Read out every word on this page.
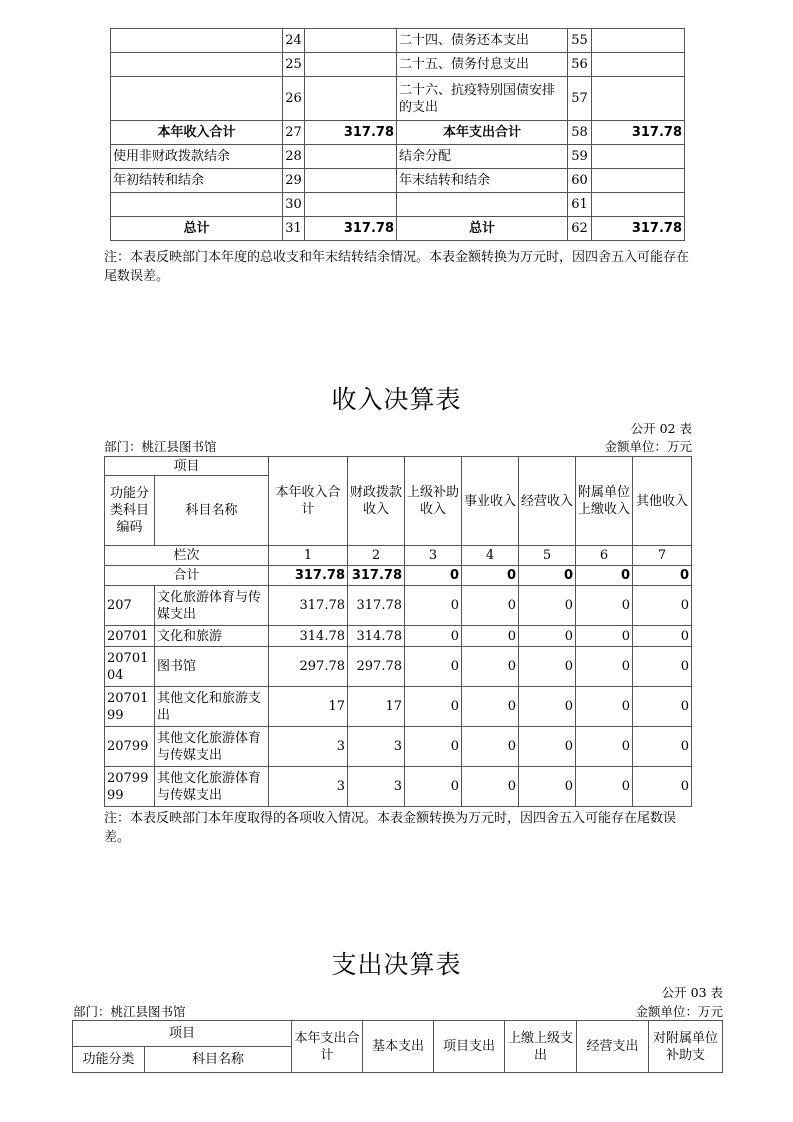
	24		二十四、债务还本支出	55	
	25		二十五、债务付息支出	56	
	26		二十六、抗疫特别国债安排的支出	57	
本年收入合计	27	317.78	本年支出合计	58	317.78
使用非财政拨款结余	28		结余分配	59	
年初结转和结余	29		年末结转和结余	60	
	30			61	
总计	31	317.78	总计	62	317.78
注：本表反映部门本年度的总收支和年末结转结余情况。本表金额转换为万元时，因四舍五入可能存在尾数误差。
收入决算表
公开 02 表
部门：桃江县图书馆	金额单位：万元
项目		本年收入合计	财政拨款收入	上级补助收入	事业收入	经营收入	附属单位上缴收入	其他收入
功能分类科目编码	科目名称							
栏次		1	2	3	4	5	6	7
合计		317.78	317.78	0	0	0	0	0
207	文化旅游体育与传媒支出	317.78	317.78	0	0	0	0	0
20701	文化和旅游	314.78	314.78	0	0	0	0	0
2070104	图书馆	297.78	297.78	0	0	0	0	0
2070199	其他文化和旅游支出	17	17	0	0	0	0	0
20799	其他文化旅游体育与传媒支出	3	3	0	0	0	0	0
2079999	其他文化旅游体育与传媒支出	3	3	0	0	0	0	0
注：本表反映部门本年度取得的各项收入情况。本表金额转换为万元时，因四舍五入可能存在尾数误差。
支出决算表
公开 03 表
部门：桃江县图书馆	金额单位：万元
项目		本年支出合计	基本支出	项目支出	上缴上级支出	经营支出	对附属单位补助支
功能分类	科目名称						
